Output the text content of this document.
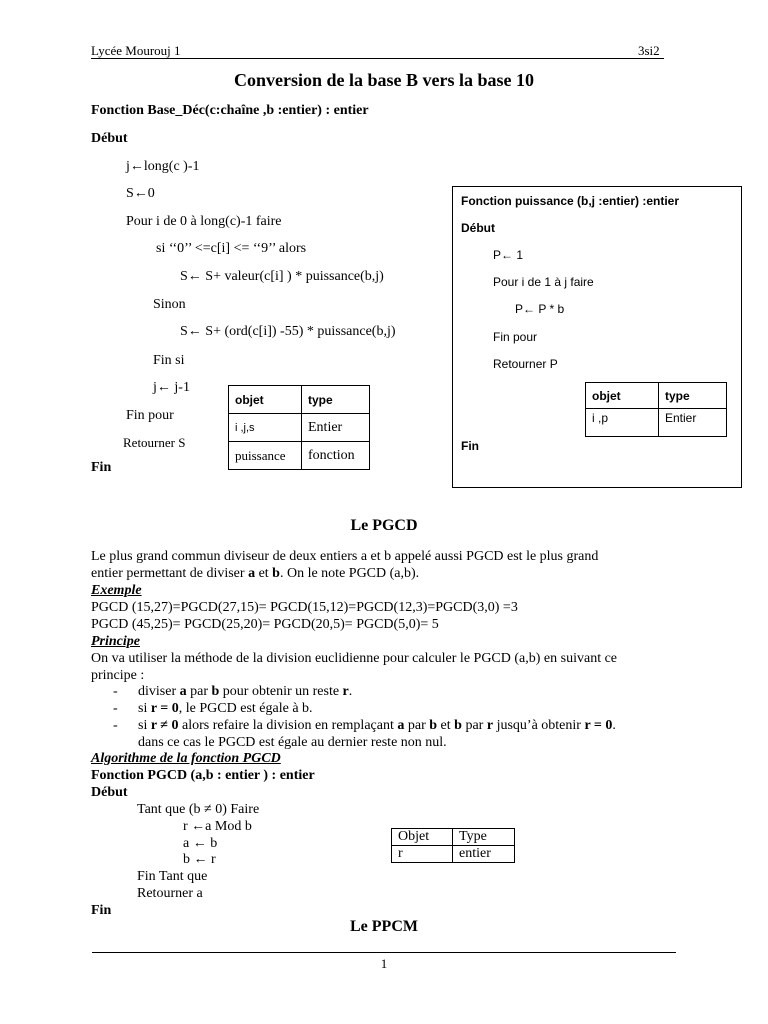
Lycée Mourouj 1	3si2
Conversion de la base B vers la base 10
Fonction Base_Déc(c:chaîne ,b :entier) : entier
Début
j←long(c )-1
S←0
Pour i de 0 à long(c)-1 faire
si ‘‘0’’ <=c[i] <= ‘‘9’’ alors
S← S+ valeur(c[i] ) * puissance(b,j)
Sinon
S← S+ (ord(c[i]) -55) * puissance(b,j)
Fin si
j← j-1
Fin pour
Retourner S
Fin
objet	type
i ,j,s	Entier
puissance	fonction
Fonction puissance (b,j :entier) :entier
Début
P← 1
Pour i de 1 à j faire
P← P * b
Fin pour
Retourner P
Fin
objet	type
i ,p	Entier
Le PGCD
Le plus grand commun diviseur de deux entiers a et b appelé aussi PGCD est le plus grand
entier permettant de diviser a et b. On le note PGCD (a,b).
Exemple
PGCD (15,27)=PGCD(27,15)= PGCD(15,12)=PGCD(12,3)=PGCD(3,0) =3
PGCD (45,25)= PGCD(25,20)= PGCD(20,5)= PGCD(5,0)= 5
Principe
On va utiliser la méthode de la division euclidienne pour calculer le PGCD (a,b) en suivant ce
principe :
- diviser a par b pour obtenir un reste r.
- si r = 0, le PGCD est égale à b.
- si r ≠ 0 alors refaire la division en remplaçant a par b et b par r jusqu’à obtenir r = 0.
dans ce cas le PGCD est égale au dernier reste non nul.
Algorithme de la fonction PGCD
Fonction PGCD (a,b : entier ) : entier
Début
Tant que (b ≠ 0) Faire
r ←a Mod b
a ← b
b ← r
Fin Tant que
Retourner a
Fin
Objet	Type
r	entier
Le PPCM
1
